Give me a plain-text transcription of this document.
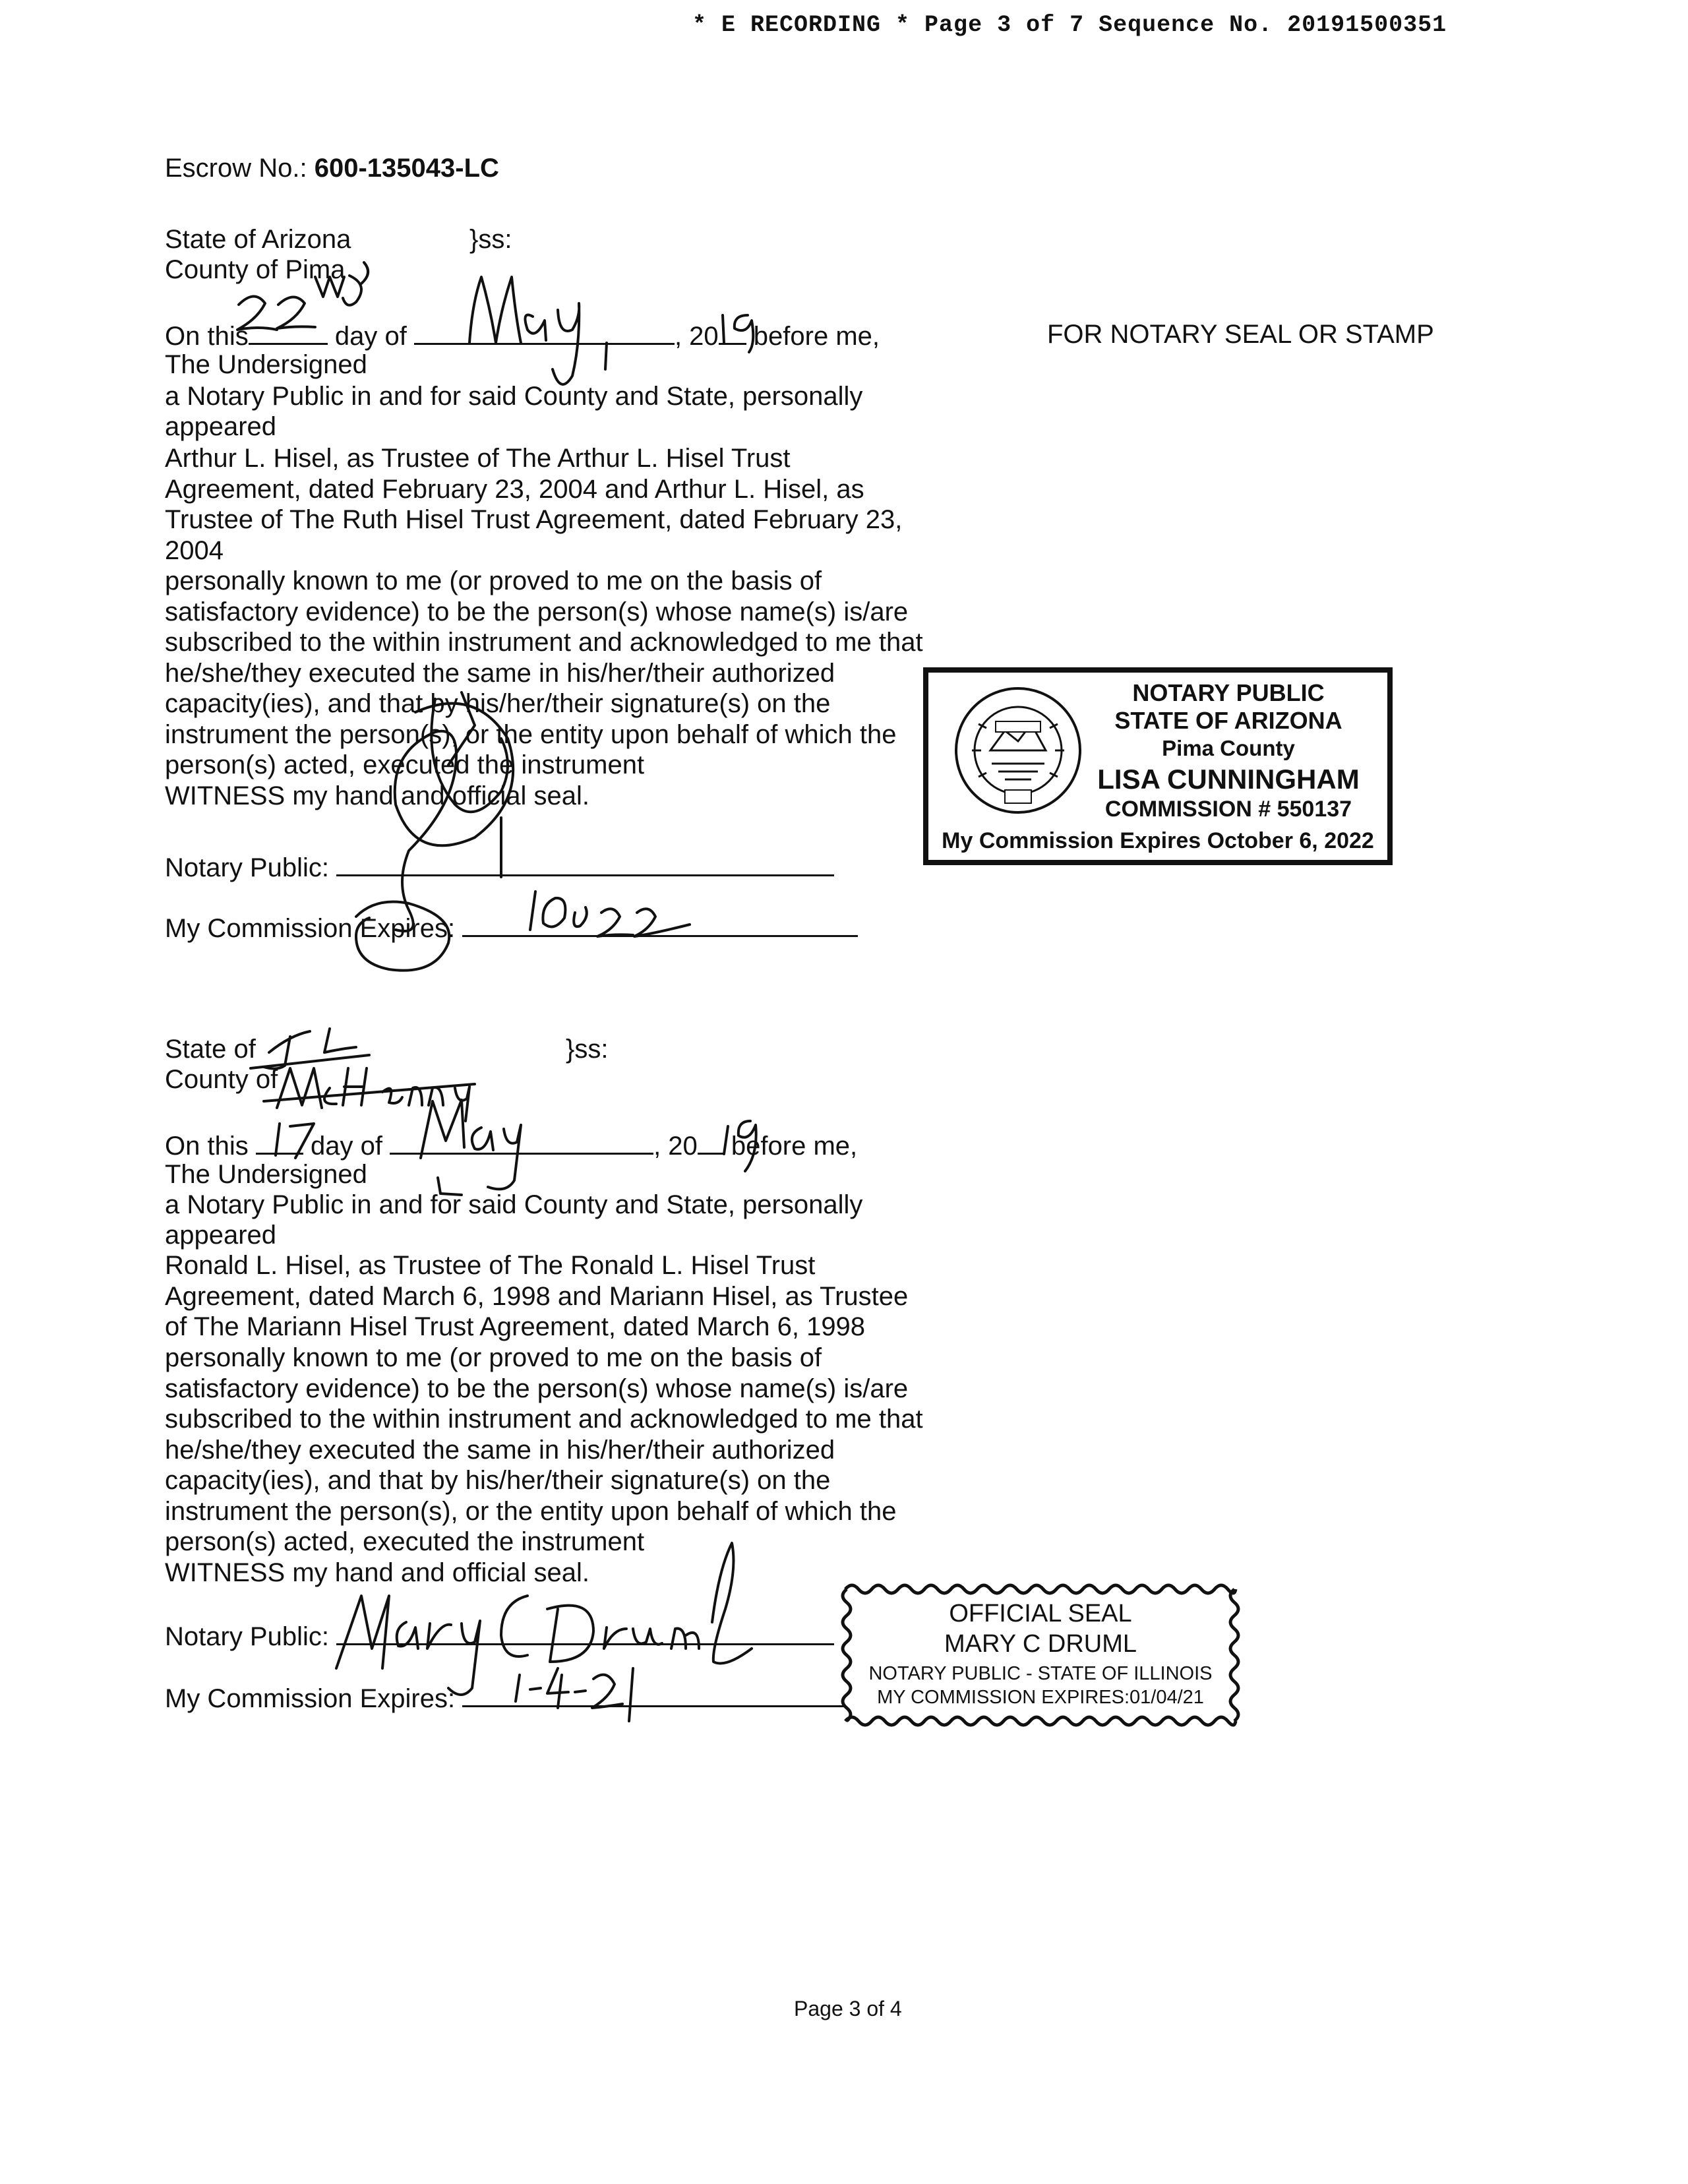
* E RECORDING * Page 3 of 7 Sequence No. 20191500351
Escrow No.: 600-135043-LC
State of Arizona	}ss:
County of Pima
On this	day of	, 20 before me,
The Undersigned
a Notary Public in and for said County and State, personally
appeared
Arthur L. Hisel, as Trustee of The Arthur L. Hisel Trust
Agreement, dated February 23, 2004 and Arthur L. Hisel, as
Trustee of The Ruth Hisel Trust Agreement, dated February 23,
2004
personally known to me (or proved to me on the basis of
satisfactory evidence) to be the person(s) whose name(s) is/are
subscribed to the within instrument and acknowledged to me that
he/she/they executed the same in his/her/their authorized
capacity(ies), and that by his/her/their signature(s) on the
instrument the person(s), or the entity upon behalf of which the
person(s) acted, executed the instrument
WITNESS my hand and official seal.
Notary Public:
My Commission Expires:
FOR NOTARY SEAL OR STAMP
NOTARY PUBLIC
STATE OF ARIZONA
Pima County
LISA CUNNINGHAM
COMMISSION # 550137
My Commission Expires October 6, 2022
State of	}ss:
County of
On this day of	, 20 before me,
The Undersigned
a Notary Public in and for said County and State, personally
appeared
Ronald L. Hisel, as Trustee of The Ronald L. Hisel Trust
Agreement, dated March 6, 1998 and Mariann Hisel, as Trustee
of The Mariann Hisel Trust Agreement, dated March 6, 1998
personally known to me (or proved to me on the basis of
satisfactory evidence) to be the person(s) whose name(s) is/are
subscribed to the within instrument and acknowledged to me that
he/she/they executed the same in his/her/their authorized
capacity(ies), and that by his/her/their signature(s) on the
instrument the person(s), or the entity upon behalf of which the
person(s) acted, executed the instrument
WITNESS my hand and official seal.
Notary Public:
My Commission Expires:
OFFICIAL SEAL
MARY C DRUML
NOTARY PUBLIC - STATE OF ILLINOIS
MY COMMISSION EXPIRES:01/04/21
Page 3 of 4
